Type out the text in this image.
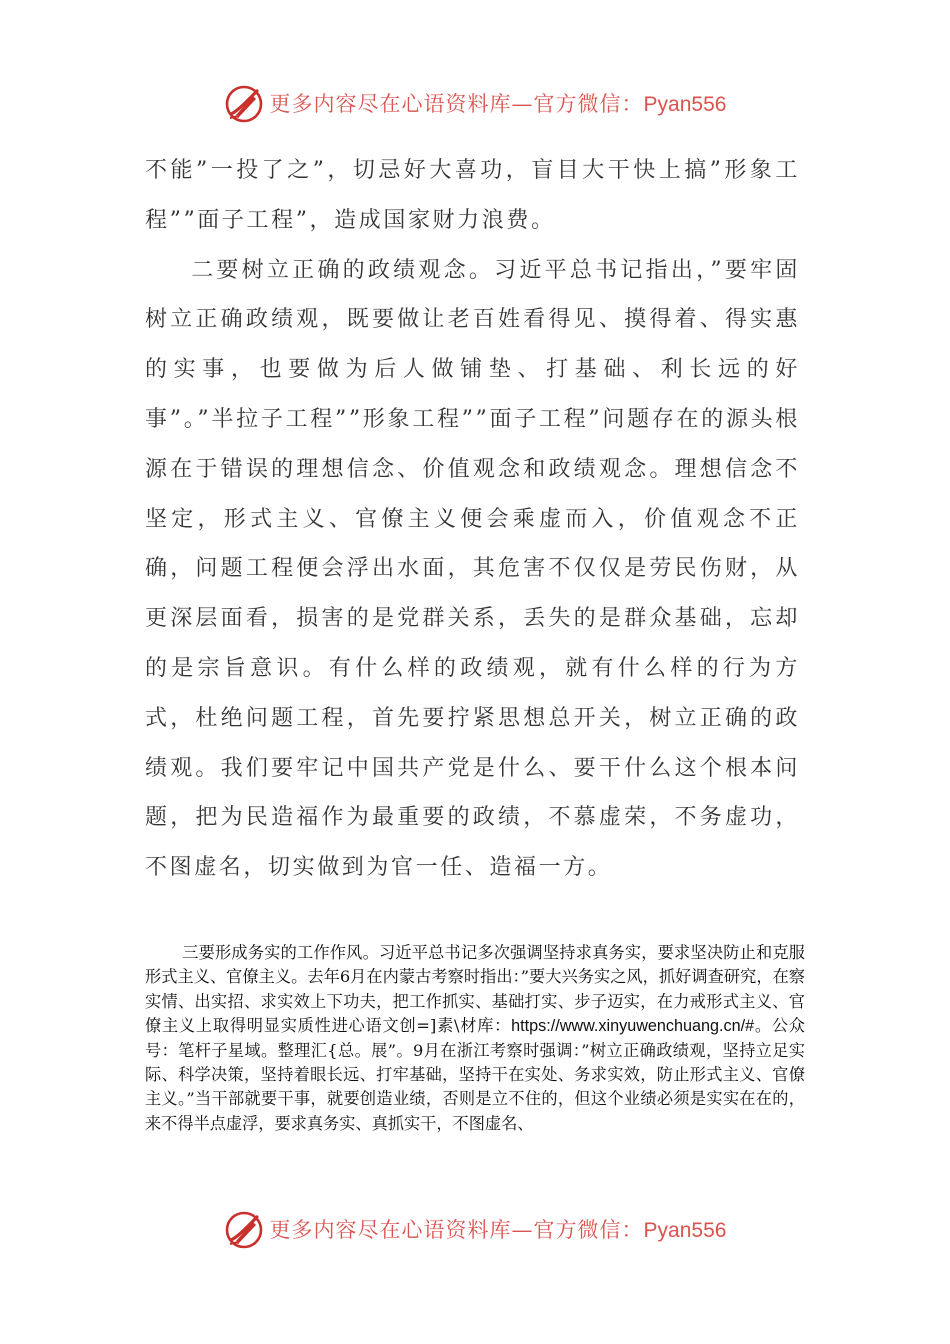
更多内容尽在心语资料库—官方微信：Pyan556

不能”一投了之”，切忌好大喜功，盲目大干快上搞”形象工程””面子工程”，造成国家财力浪费。

二要树立正确的政绩观念。习近平总书记指出，”要牢固树立正确政绩观，既要做让老百姓看得见、摸得着、得实惠的实事，也要做为后人做铺垫、打基础、利长远的好事”。”半拉子工程””形象工程””面子工程”问题存在的源头根源在于错误的理想信念、价值观念和政绩观念。理想信念不坚定，形式主义、官僚主义便会乘虚而入，价值观念不正确，问题工程便会浮出水面，其危害不仅仅是劳民伤财，从更深层面看，损害的是党群关系，丢失的是群众基础，忘却的是宗旨意识。有什么样的政绩观，就有什么样的行为方式，杜绝问题工程，首先要拧紧思想总开关，树立正确的政绩观。我们要牢记中国共产党是什么、要干什么这个根本问题，把为民造福作为最重要的政绩，不慕虚荣，不务虚功，不图虚名，切实做到为官一任、造福一方。

三要形成务实的工作作风。习近平总书记多次强调坚持求真务实，要求坚决防止和克服形式主义、官僚主义。去年6月在内蒙古考察时指出：”要大兴务实之风，抓好调查研究，在察实情、出实招、求实效上下功夫，把工作抓实、基础打实、步子迈实，在力戒形式主义、官僚主义上取得明显实质性进心语文创=]素\材库：https://www.xinyuwenchuang.cn/#。公众号：笔杆子星域。整理汇{总。展”。9月在浙江考察时强调：”树立正确政绩观，坚持立足实际、科学决策，坚持着眼长远、打牢基础，坚持干在实处、务求实效，防止形式主义、官僚主义。”当干部就要干事，就要创造业绩，否则是立不住的，但这个业绩必须是实实在在的，来不得半点虚浮，要求真务实、真抓实干，不图虚名、

更多内容尽在心语资料库—官方微信：Pyan556
